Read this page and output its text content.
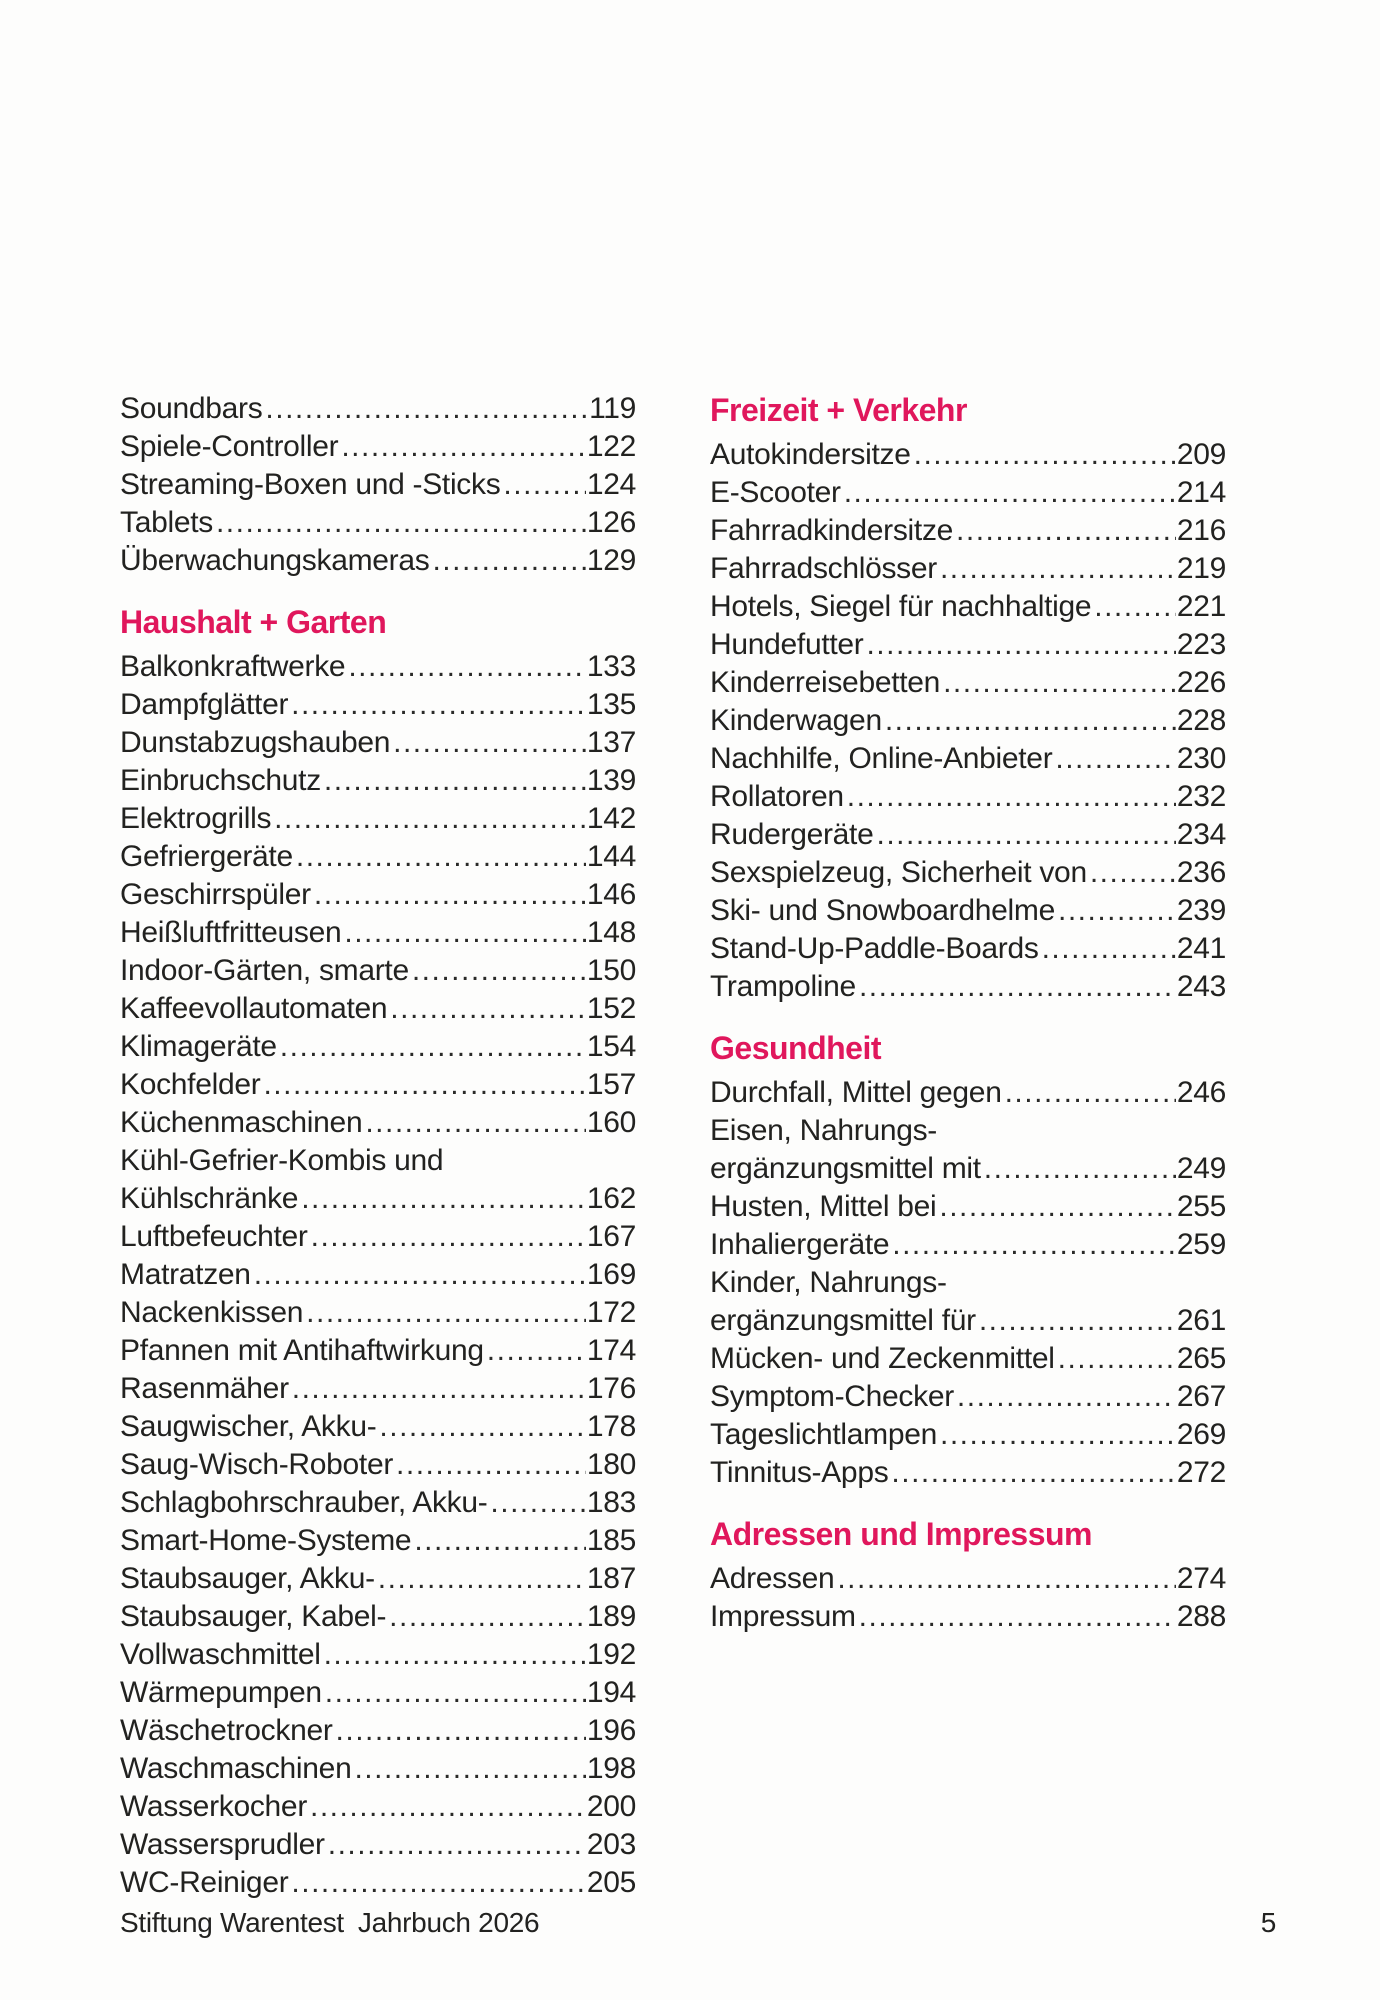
Soundbars .....	119
Spiele-Controller .....	122
Streaming-Boxen und -Sticks .....	124
Tablets .....	126
Überwachungskameras .....	129
Haushalt + Garten
Balkonkraftwerke .....	133
Dampfglätter .....	135
Dunstabzugshauben .....	137
Einbruchschutz .....	139
Elektrogrills .....	142
Gefriergeräte .....	144
Geschirrspüler .....	146
Heißluftfritteusen .....	148
Indoor-Gärten, smarte .....	150
Kaffeevollautomaten .....	152
Klimageräte .....	154
Kochfelder .....	157
Küchenmaschinen .....	160
Kühl-Gefrier-Kombis und
Kühlschränke .....	162
Luftbefeuchter .....	167
Matratzen .....	169
Nackenkissen .....	172
Pfannen mit Antihaftwirkung .....	174
Rasenmäher .....	176
Saugwischer, Akku- .....	178
Saug-Wisch-Roboter .....	180
Schlagbohrschrauber, Akku- .....	183
Smart-Home-Systeme .....	185
Staubsauger, Akku- .....	187
Staubsauger, Kabel- .....	189
Vollwaschmittel .....	192
Wärmepumpen .....	194
Wäschetrockner .....	196
Waschmaschinen .....	198
Wasserkocher .....	200
Wassersprudler .....	203
WC-Reiniger .....	205
Freizeit + Verkehr
Autokindersitze .....	209
E-Scooter .....	214
Fahrradkindersitze .....	216
Fahrradschlösser .....	219
Hotels, Siegel für nachhaltige .....	221
Hundefutter .....	223
Kinderreisebetten .....	226
Kinderwagen .....	228
Nachhilfe, Online-Anbieter .....	230
Rollatoren .....	232
Rudergeräte .....	234
Sexspielzeug, Sicherheit von .....	236
Ski- und Snowboardhelme .....	239
Stand-Up-Paddle-Boards .....	241
Trampoline .....	243
Gesundheit
Durchfall, Mittel gegen .....	246
Eisen, Nahrungs-
ergänzungsmittel mit .....	249
Husten, Mittel bei .....	255
Inhaliergeräte .....	259
Kinder, Nahrungs-
ergänzungsmittel für .....	261
Mücken- und Zeckenmittel .....	265
Symptom-Checker .....	267
Tageslichtlampen .....	269
Tinnitus-Apps .....	272
Adressen und Impressum
Adressen .....	274
Impressum .....	288
Stiftung Warentest Jahrbuch 2026	5
